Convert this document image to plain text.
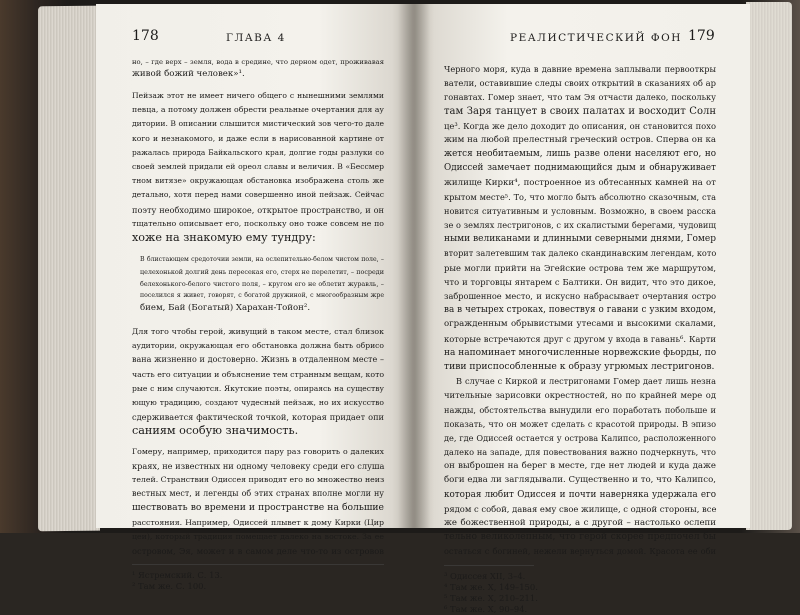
178	ГЛАВА 4
но, – где верх – земля, вода в средине, что дерном одет, проживавая
живой божий человек»¹.
Пейзаж этот не имеет ничего общего с нынешними землями
певца, а потому должен обрести реальные очертания для ау
дитории. В описании слышится мистический зов чего-то дале
кого и незнакомого, и даже если в нарисованной картине от
ражалась природа Байкальского края, долгие годы разлуки со
своей землей придали ей ореол славы и величия. В «Бессмер
тном витязе» окружающая обстановка изображена столь же
детально, хотя перед нами совершенно иной пейзаж. Сейчас
поэту необходимо широкое, открытое пространство, и он
тщательно описывает его, поскольку оно тоже совсем не по
хоже на знакомую ему тундру:
В блистающем средоточии земли, на ослепительно-белом чистом поле, –
целехонькой долгий день пересекая его, стерх не перелетит, – посреди
белехонького-белого чистого поля, – кругом его не облетит журавль, –
поселился я живет, говорят, с богатой дружиной, с многообразным жре
бием, Бай (Богатый) Харахан-Тойон².
Для того чтобы герой, живущий в таком месте, стал близок
аудитории, окружающая его обстановка должна быть обрисо
вана жизненно и достоверно. Жизнь в отдаленном месте –
часть его ситуации и объяснение тем странным вещам, кото
рые с ним случаются. Якутские поэты, опираясь на существу
ющую традицию, создают чудесный пейзаж, но их искусство
сдерживается фактической точкой, которая придает опи
саниям особую значимость.
Гомеру, например, приходится пару раз говорить о далеких
краях, не известных ни одному человеку среди его слуша
телей. Странствия Одиссея приводят его во множество неиз
вестных мест, и легенды об этих странах вполне могли ну
шествовать во времени и пространстве на большие
расстояния. Например, Одиссей плывет к дому Кирки (Цир
цеи), который традиция помещает далеко на востоке. За ее
островом, Эя, может и в самом деле что-то из островов
¹ Ястремский. С. 13.
² Там же. С. 100.
РЕАЛИСТИЧЕСКИЙ ФОН 179
Черного моря, куда в давние времена заплывали первооткры
ватели, оставившие следы своих открытий в сказаниях об ар
гонавтах. Гомер знает, что там Эя отчасти далеко, поскольку
там Заря танцует в своих палатах и восходит Солн
це³. Когда же дело доходит до описания, он становится похо
жим на любой прелестный греческий остров. Сперва он ка
жется необитаемым, лишь разве олени населяют его, но
Одиссей замечает поднимающийся дым и обнаруживает
жилище Кирки⁴, построенное из обтесанных камней на от
крытом месте⁵. То, что могло быть абсолютно сказочным, ста
новится ситуативным и условным. Возможно, в своем расска
зе о землях лестригонов, с их скалистыми берегами, чудовищ
ными великанами и длинными северными днями, Гомер
вторит залетевшим так далеко скандинавским легендам, кото
рые могли прийти на Эгейские острова тем же маршрутом,
что и торговцы янтарем с Балтики. Он видит, что это дикое,
заброшенное место, и искусно набрасывает очертания остро
ва в четырех строках, повествуя о гавани с узким входом,
огражденным обрывистыми утесами и высокими скалами,
которые встречаются друг с другом у входа в гавань⁶. Карти
на напоминает многочисленные норвежские фьорды, по
тиви приспособленные к образу угрюмых лестригонов.
В случае с Киркой и лестригонами Гомер дает лишь незна
чительные зарисовки окрестностей, но по крайней мере од
нажды, обстоятельства вынудили его поработать побольше и
показать, что он может сделать с красотой природы. В эпизо
де, где Одиссей остается у острова Калипсо, расположенного
далеко на западе, для повествования важно подчеркнуть, что
он выброшен на берег в месте, где нет людей и куда даже
боги едва ли заглядывали. Существенно и то, что Калипсо,
которая любит Одиссея и почти наверняка удержала его
рядом с собой, давая ему свое жилище, с одной стороны, все
же божественной природы, а с другой – настолько ослепи
тельно великолепным, что герой скорее предпочел бы
остаться с богиней, нежели вернуться домой. Красота ее оби
³ Одиссея XII, 3–4.
⁴ Там же. X, 149–150.
⁵ Там же. X, 210–211.
⁶ Там же. X, 90–94.
